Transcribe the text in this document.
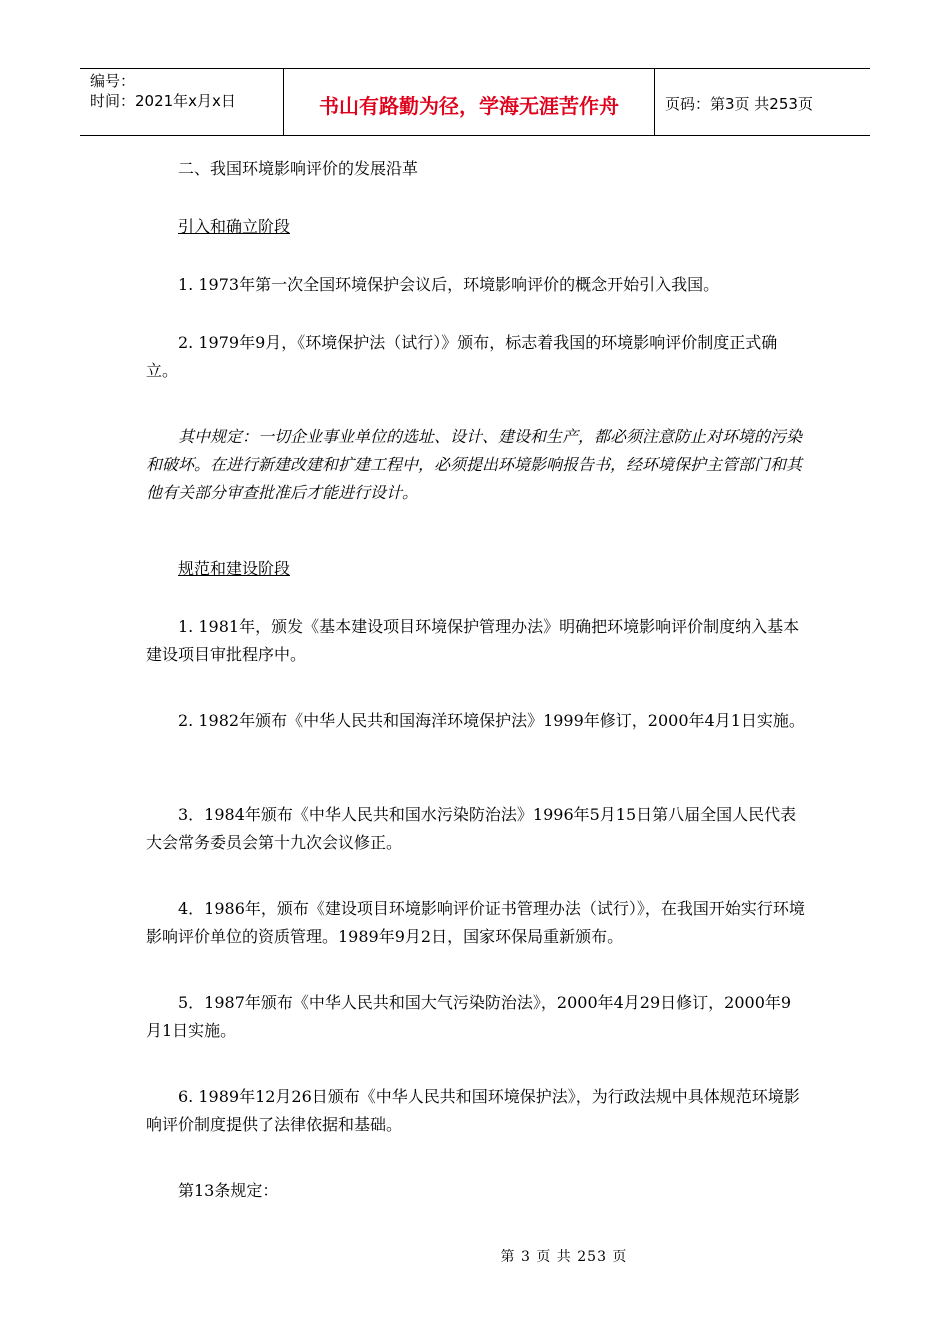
编号：
时间：2021年x月x日	书山有路勤为径，学海无涯苦作舟	页码：第3页 共253页

二、我国环境影响评价的发展沿革

引入和确立阶段

1. 1973年第一次全国环境保护会议后，环境影响评价的概念开始引入我国。

2. 1979年9月，《环境保护法（试行）》颁布，标志着我国的环境影响评价制度正式确立。

其中规定：一切企业事业单位的选址、设计、建设和生产，都必须注意防止对环境的污染和破坏。在进行新建改建和扩建工程中，必须提出环境影响报告书，经环境保护主管部门和其他有关部分审查批准后才能进行设计。

规范和建设阶段

1. 1981年，颁发《基本建设项目环境保护管理办法》明确把环境影响评价制度纳入基本建设项目审批程序中。

2. 1982年颁布《中华人民共和国海洋环境保护法》1999年修订，2000年4月1日实施。

3．1984年颁布《中华人民共和国水污染防治法》1996年5月15日第八届全国人民代表大会常务委员会第十九次会议修正。

4．1986年，颁布《建设项目环境影响评价证书管理办法（试行）》，在我国开始实行环境影响评价单位的资质管理。1989年9月2日，国家环保局重新颁布。

5．1987年颁布《中华人民共和国大气污染防治法》，2000年4月29日修订，2000年9月1日实施。

6. 1989年12月26日颁布《中华人民共和国环境保护法》，为行政法规中具体规范环境影响评价制度提供了法律依据和基础。

第13条规定：

第 3 页 共 253 页
